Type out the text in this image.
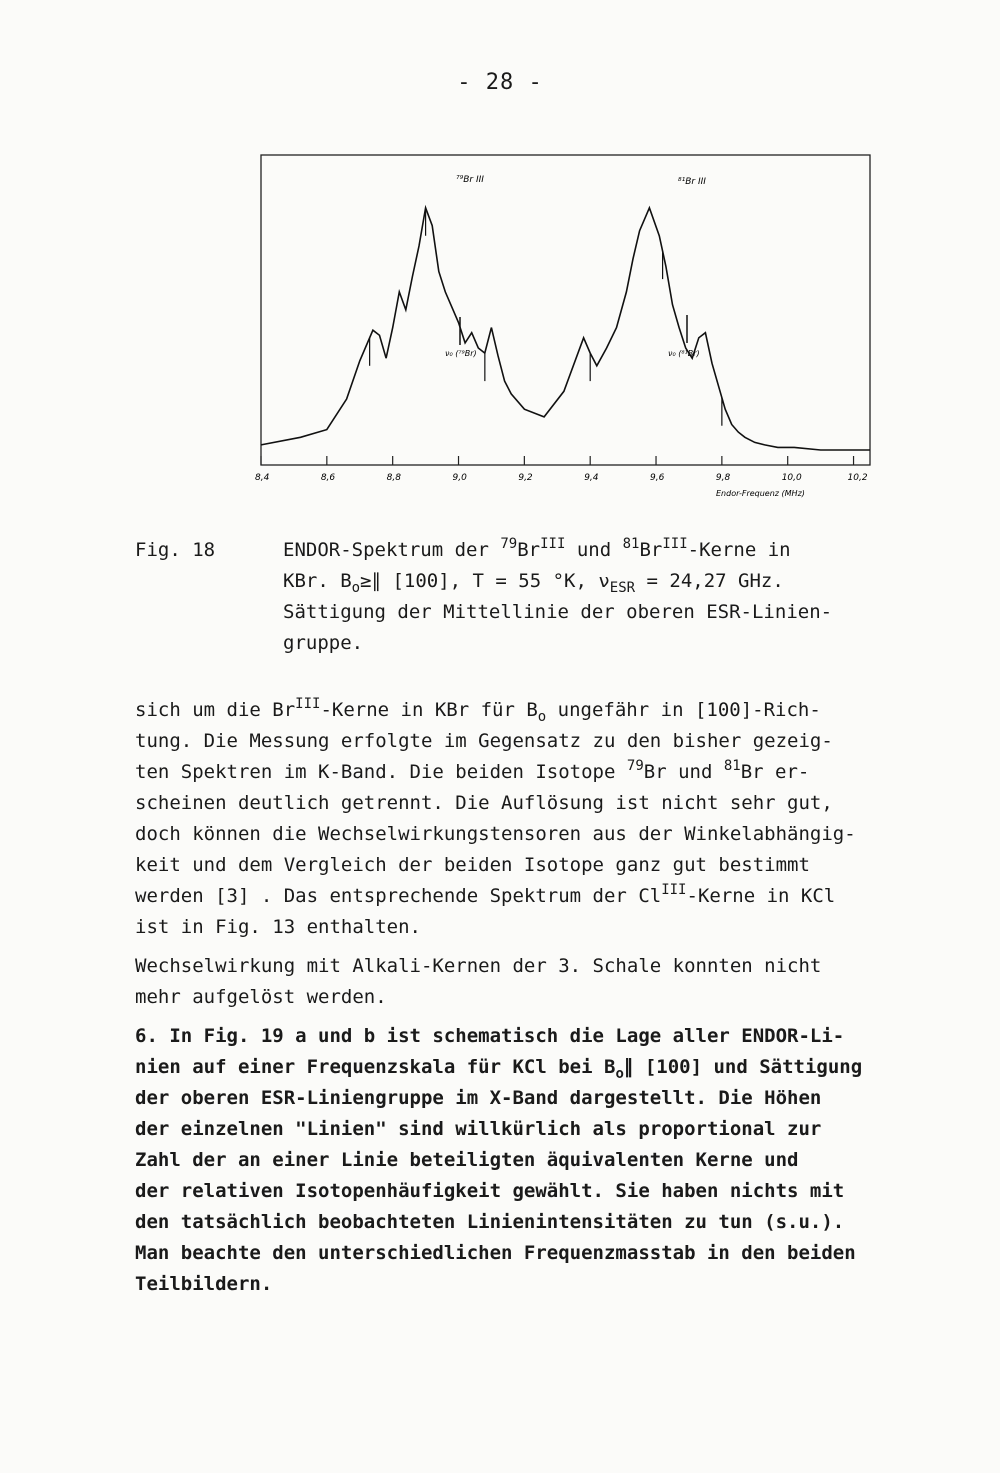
- 28 -
⁷⁹Br III	⁸¹Br III
ν₀ (⁷⁹Br)	ν₀ (⁸¹Br)
8,4	8,6	8,8	9,0	9,2	9,4	9,6	9,8	10,0	10,2
Endor-Frequenz (MHz)
Fig. 18	ENDOR-Spektrum der $^{79}Br^{III}$ und $^{81}Br^{III}$-Kerne in
KBr. $B_o\ge\parallel$ [100], T = 55 °K, $\nu_{ESR} = 24,27$ GHz.
Sättigung der Mittellinie der oberen ESR-Linien-
gruppe.

sich um die $Br^{III}$-Kerne in KBr für $B_o$ ungefähr in [100]-Rich-
tung. Die Messung erfolgte im Gegensatz zu den bisher gezeig-
ten Spektren im K-Band. Die beiden Isotope $^{79}$Br und $^{81}$Br er-
scheinen deutlich getrennt. Die Auflösung ist nicht sehr gut,
doch können die Wechselwirkungstensoren aus der Winkelabhängig-
keit und dem Vergleich der beiden Isotope ganz gut bestimmt
werden [3] . Das entsprechende Spektrum der $Cl^{III}$-Kerne in KCl
ist in Fig. 13 enthalten.

Wechselwirkung mit Alkali-Kernen der 3. Schale konnten nicht
mehr aufgelöst werden.

6. In Fig. 19 a und b ist schematisch die Lage aller ENDOR-Li-
nien auf einer Frequenzskala für KCl bei $B_o\parallel$ [100] und Sättigung
der oberen ESR-Liniengruppe im X-Band dargestellt. Die Höhen
der einzelnen "Linien" sind willkürlich als proportional zur
Zahl der an einer Linie beteiligten äquivalenten Kerne und
der relativen Isotopenhäufigkeit gewählt. Sie haben nichts mit
den tatsächlich beobachteten Linienintensitäten zu tun (s.u.).
Man beachte den unterschiedlichen Frequenzmasstab in den beiden
Teilbildern.
